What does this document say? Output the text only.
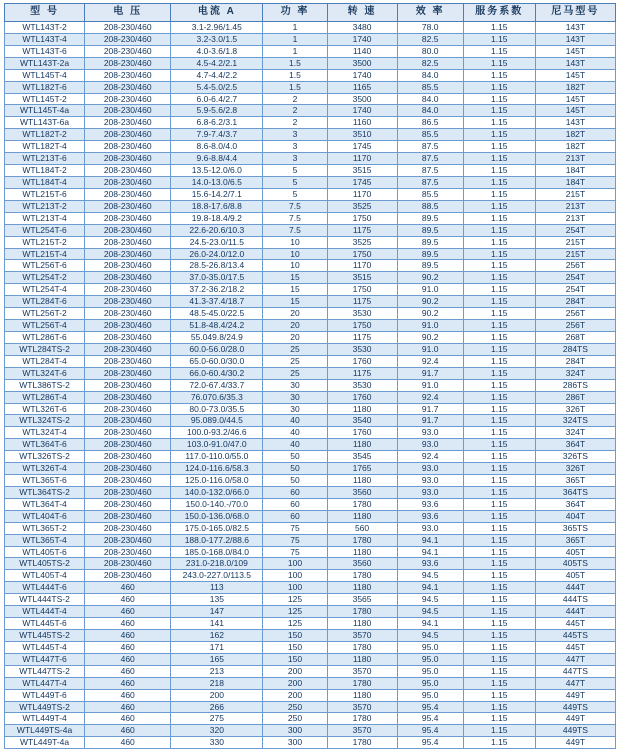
型 号	电 压	电流 A	功 率	转 速	效 率	服务系数	尼马型号
WTL143T-2	208-230/460	3.1-2.96/1.45	1	3480	78.0	1.15	143T
WTL143T-4	208-230/460	3.2-3.0/1.5	1	1740	82.5	1.15	143T
WTL143T-6	208-230/460	4.0-3.6/1.8	1	1140	80.0	1.15	145T
WTL143T-2a	208-230/460	4.5-4.2/2.1	1.5	3500	82.5	1.15	143T
WTL145T-4	208-230/460	4.7-4.4/2.2	1.5	1740	84.0	1.15	145T
WTL182T-6	208-230/460	5.4-5.0/2.5	1.5	1165	85.5	1.15	182T
WTL145T-2	208-230/460	6.0-6.4/2.7	2	3500	84.0	1.15	145T
WTL145T-4a	208-230/460	5.9-5.6/2.8	2	1740	84.0	1.15	145T
WTL143T-6a	208-230/460	6.8-6.2/3.1	2	1160	86.5	1.15	143T
WTL182T-2	208-230/460	7.9-7.4/3.7	3	3510	85.5	1.15	182T
WTL182T-4	208-230/460	8.6-8.0/4.0	3	1745	87.5	1.15	182T
WTL213T-6	208-230/460	9.6-8.8/4.4	3	1170	87.5	1.15	213T
WTL184T-2	208-230/460	13.5-12.0/6.0	5	3515	87.5	1.15	184T
WTL184T-4	208-230/460	14.0-13.0/6.5	5	1745	87.5	1.15	184T
WTL215T-6	208-230/460	15.6-14.2/7.1	5	1170	85.5	1.15	215T
WTL213T-2	208-230/460	18.8-17.6/8.8	7.5	3525	88.5	1.15	213T
WTL213T-4	208-230/460	19.8-18.4/9.2	7.5	1750	89.5	1.15	213T
WTL254T-6	208-230/460	22.6-20.6/10.3	7.5	1175	89.5	1.15	254T
WTL215T-2	208-230/460	24.5-23.0/11.5	10	3525	89.5	1.15	215T
WTL215T-4	208-230/460	26.0-24.0/12.0	10	1750	89.5	1.15	215T
WTL256T-6	208-230/460	28.5-26.8/13.4	10	1170	89.5	1.15	256T
WTL254T-2	208-230/460	37.0-35.0/17.5	15	3515	90.2	1.15	254T
WTL254T-4	208-230/460	37.2-36.2/18.2	15	1750	91.0	1.15	254T
WTL284T-6	208-230/460	41.3-37.4/18.7	15	1175	90.2	1.15	284T
WTL256T-2	208-230/460	48.5-45.0/22.5	20	3530	90.2	1.15	256T
WTL256T-4	208-230/460	51.8-48.4/24.2	20	1750	91.0	1.15	256T
WTL286T-6	208-230/460	55.049.8/24.9	20	1175	90.2	1.15	268T
WTL284TS-2	208-230/460	60.0-56.0/28.0	25	3530	91.0	1.15	284TS
WTL284T-4	208-230/460	65.0-60.0/30.0	25	1760	92.4	1.15	284T
WTL324T-6	208-230/460	66.0-60.4/30.2	25	1175	91.7	1.15	324T
WTL386TS-2	208-230/460	72.0-67.4/33.7	30	3530	91.0	1.15	286TS
WTL286T-4	208-230/460	76.070.6/35.3	30	1760	92.4	1.15	286T
WTL326T-6	208-230/460	80.0-73.0/35.5	30	1180	91.7	1.15	326T
WTL324TS-2	208-230/460	95.089.0/44.5	40	3540	91.7	1.15	324TS
WTL324T-4	208-230/460	100.0-93.2/46.6	40	1760	93.0	1.15	324T
WTL364T-6	208-230/460	103.0-91.0/47.0	40	1180	93.0	1.15	364T
WTL326TS-2	208-230/460	117.0-110.0/55.0	50	3545	92.4	1.15	326TS
WTL326T-4	208-230/460	124.0-116.6/58.3	50	1765	93.0	1.15	326T
WTL365T-6	208-230/460	125.0-116.0/58.0	50	1180	93.0	1.15	365T
WTL364TS-2	208-230/460	140.0-132.0/66.0	60	3560	93.0	1.15	364TS
WTL364T-4	208-230/460	150.0-140.-/70.0	60	1780	93.6	1.15	364T
WTL404T-6	208-230/460	150.0-136.0/68.0	60	1180	93.6	1.15	404T
WTL365T-2	208-230/460	175.0-165.0/82.5	75	560	93.0	1.15	365TS
WTL365T-4	208-230/460	188.0-177.2/88.6	75	1780	94.1	1.15	365T
WTL405T-6	208-230/460	185.0-168.0/84.0	75	1180	94.1	1.15	405T
WTL405TS-2	208-230/460	231.0-218.0/109	100	3560	93.6	1.15	405TS
WTL405T-4	208-230/460	243.0-227.0/113.5	100	1780	94.5	1.15	405T
WTL444T-6	460	113	100	1180	94.1	1.15	444T
WTL444TS-2	460	135	125	3565	94.5	1.15	444TS
WTL444T-4	460	147	125	1780	94.5	1.15	444T
WTL445T-6	460	141	125	1180	94.1	1.15	445T
WTL445TS-2	460	162	150	3570	94.5	1.15	445TS
WTL445T-4	460	171	150	1780	95.0	1.15	445T
WTL447T-6	460	165	150	1180	95.0	1.15	447T
WTL447TS-2	460	213	200	3570	95.0	1.15	447TS
WTL447T-4	460	218	200	1780	95.0	1.15	447T
WTL449T-6	460	200	200	1180	95.0	1.15	449T
WTL449TS-2	460	266	250	3570	95.4	1.15	449TS
WTL449T-4	460	275	250	1780	95.4	1.15	449T
WTL449TS-4a	460	320	300	3570	95.4	1.15	449TS
WTL449T-4a	460	330	300	1780	95.4	1.15	449T
